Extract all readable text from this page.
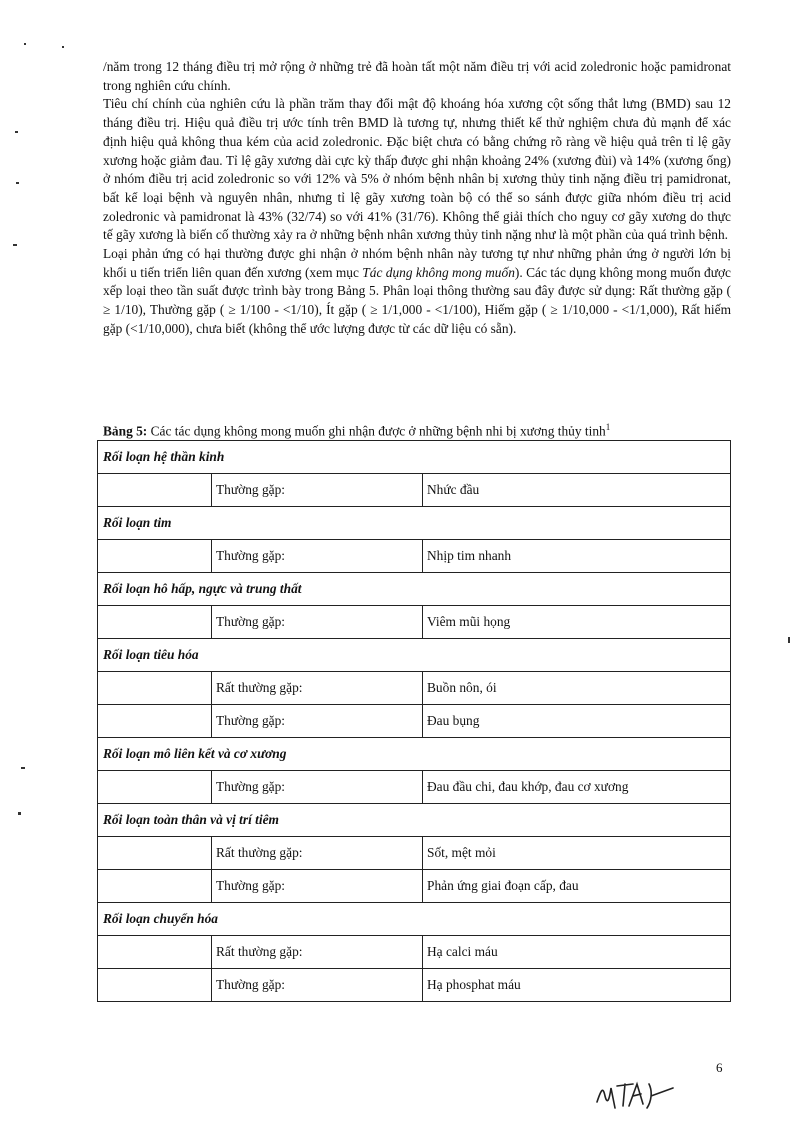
/năm trong 12 tháng điều trị mở rộng ở những trẻ đã hoàn tất một năm điều trị với acid zoledronic hoặc pamidronat trong nghiên cứu chính.

Tiêu chí chính của nghiên cứu là phần trăm thay đổi mật độ khoáng hóa xương cột sống thắt lưng (BMD) sau 12 tháng điều trị. Hiệu quả điều trị ước tính trên BMD là tương tự, nhưng thiết kế thử nghiệm chưa đủ mạnh để xác định hiệu quả không thua kém của acid zoledronic. Đặc biệt chưa có bằng chứng rõ ràng về hiệu quả trên tỉ lệ gãy xương hoặc giảm đau. Tỉ lệ gãy xương dài cực kỳ thấp được ghi nhận khoảng 24% (xương đùi) và 14% (xương ống) ở nhóm điều trị acid zoledronic so với 12% và 5% ở nhóm bệnh nhân bị xương thủy tinh nặng điều trị pamidronat, bất kể loại bệnh và nguyên nhân, nhưng tỉ lệ gãy xương toàn bộ có thể so sánh được giữa nhóm điều trị acid zoledronic và pamidronat là 43% (32/74) so với 41% (31/76). Không thể giải thích cho nguy cơ gãy xương do thực tế gãy xương là biến cố thường xảy ra ở những bệnh nhân xương thủy tinh nặng như là một phần của quá trình bệnh.

Loại phản ứng có hại thường được ghi nhận ở nhóm bệnh nhân này tương tự như những phản ứng ở người lớn bị khối u tiến triển liên quan đến xương (xem mục Tác dụng không mong muốn). Các tác dụng không mong muốn được xếp loại theo tần suất được trình bày trong Bảng 5. Phân loại thông thường sau đây được sử dụng: Rất thường gặp ( ≥ 1/10), Thường gặp ( ≥ 1/100 - <1/10), Ít gặp ( ≥ 1/1,000 - <1/100), Hiếm gặp ( ≥ 1/10,000 - <1/1,000), Rất hiếm gặp (<1/10,000), chưa biết (không thể ước lượng được từ các dữ liệu có sẵn).

Bảng 5: Các tác dụng không mong muốn ghi nhận được ở những bệnh nhi bị xương thủy tinh$^1$
Rối loạn hệ thần kinh		
	Thường gặp:	Nhức đầu
Rối loạn tim		
	Thường gặp:	Nhịp tim nhanh
Rối loạn hô hấp, ngực và trung thất		
	Thường gặp:	Viêm mũi họng
Rối loạn tiêu hóa		
	Rất thường gặp:	Buồn nôn, ói
	Thường gặp:	Đau bụng
Rối loạn mô liên kết và cơ xương		
	Thường gặp:	Đau đầu chi, đau khớp, đau cơ xương
Rối loạn toàn thân và vị trí tiêm		
	Rất thường gặp:	Sốt, mệt mỏi
	Thường gặp:	Phản ứng giai đoạn cấp, đau
Rối loạn chuyển hóa		
	Rất thường gặp:	Hạ calci máu
	Thường gặp:	Hạ phosphat máu
6
